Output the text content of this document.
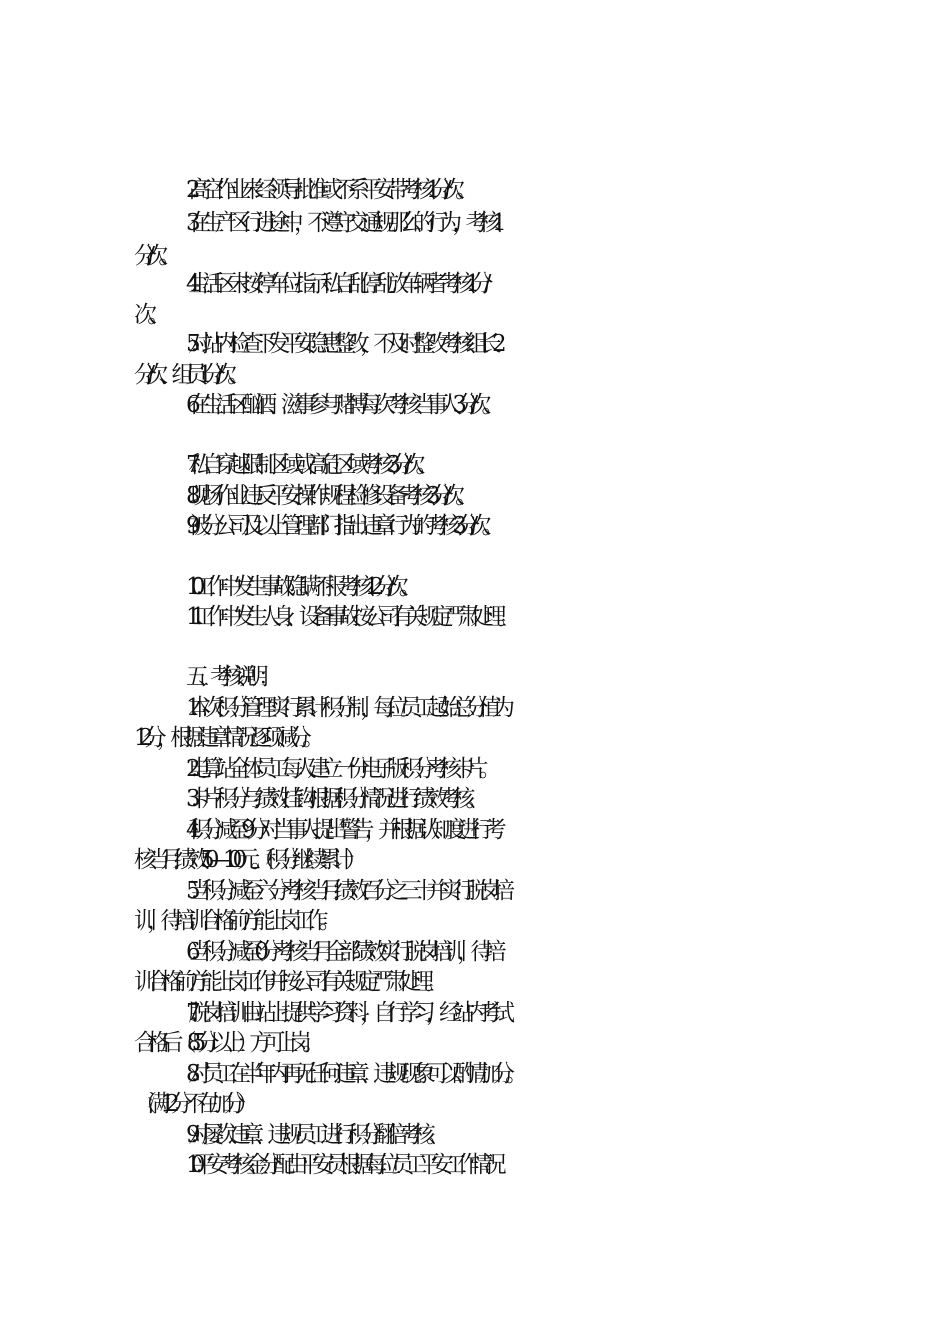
2.高空作业未经领导批准或不系平安带考核1分/次。
3.在生产区行进途中，不遵守交通规那么的行为，考核1
分/次。
4.生活区未按停车位指示私自乱停乱放车辆者考核1分/
次。
5.对站内检查下发平安隐患整改，不及时整改考核组长2
分/次、组员1分/次。
6.在生活区酗酒、滋事参与赌博每次考核当事人3分/次。
7.私自穿越限制区域或高危区域考核3分/次。
8.现场作业违反平安操作规程检修设备考核3分/次。
9.被分公司及以上管理部门指出违章行为的考核3分/次。
10.工作中发生事故隐瞒不报考核12分/次。
11.工作中发生人身、设备事故按公司有关规定严肃处理。
五、考核说明：
1.本次积分管理实行累计积分制，每位员工起始总分值为
12分，根据违章情况逐项减分。
2.电算站全体员工每人建立一份电子版积分考核卡片。
3.卡片积分与绩效挂钩根据积分情况进行绩效考核。
4.积分减至9分对当事人提出警告，并根据认知度进行考
核当月绩效50—100元。（积分继续累计）
5.当积分减至六分考核当月绩效百分之三十并实行脱岗培
训，待培训合格前方能上岗工作。
6.当积分减至0分考核当月全部绩效实行脱岗培训，待培
训合格前方能上岗工作并按公司有关规定严肃处理。
7.脱岗培训由站上提供学习资料，自行学习，经站内考试
合格后（85分以上）方可上岗。
8.对员工在半年内再无任何违章、违规现象可以酌情加分。
（满12分不在加分）
9.对屡次违章、违规员工进行积分翻倍考核。
10.平安考核金分配由平安员根据每位员工平安工作情况
